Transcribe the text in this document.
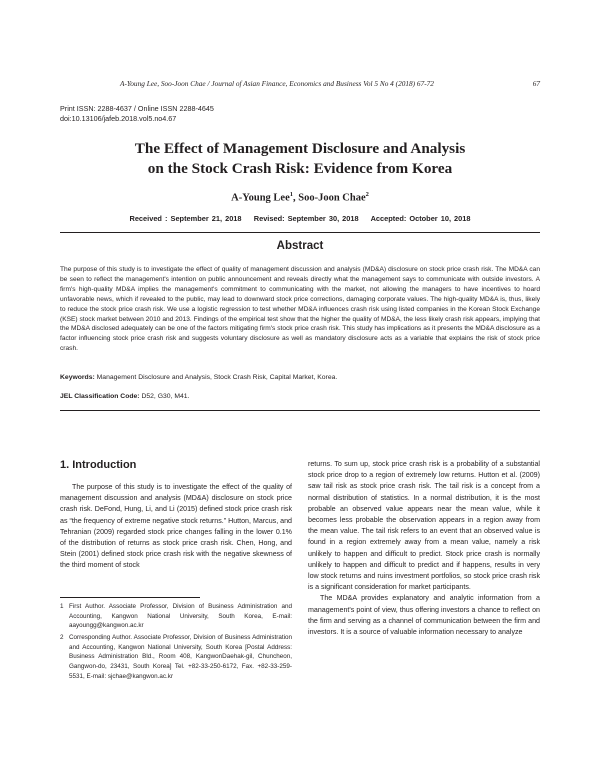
A-Young Lee, Soo-Joon Chae / Journal of Asian Finance, Economics and Business Vol 5 No 4 (2018) 67-72	67
Print ISSN: 2288-4637 / Online ISSN 2288-4645
doi:10.13106/jafeb.2018.vol5.no4.67
The Effect of Management Disclosure and Analysis
on the Stock Crash Risk: Evidence from Korea
A-Young Lee$^1$, Soo-Joon Chae$^2$
Received : September 21, 2018    Revised: September 30, 2018    Accepted: October 10, 2018
Abstract
The purpose of this study is to investigate the effect of quality of management discussion and analysis (MD&A) disclosure on stock price crash risk. The MD&A can be seen to reflect the management's intention on public announcement and reveals directly what the management says to communicate with outside investors. A firm's high-quality MD&A implies the management's commitment to communicating with the market, not allowing the managers to have incentives to hoard unfavorable news, which if revealed to the public, may lead to downward stock price corrections, damaging corporate values. The high-quality MD&A is, thus, likely to reduce the stock price crash risk. We use a logistic regression to test whether MD&A influences crash risk using listed companies in the Korean Stock Exchange (KSE) stock market between 2010 and 2013. Findings of the empirical test show that the higher the quality of MD&A, the less likely crash risk appears, implying that the MD&A disclosed adequately can be one of the factors mitigating firm's stock price crash risk. This study has implications as it presents the MD&A disclosure as a factor influencing stock price crash risk and suggests voluntary disclosure as well as mandatory disclosure acts as a variable that explains the risk of stock price crash.
Keywords: Management Disclosure and Analysis, Stock Crash Risk, Capital Market, Korea.
JEL Classification Code: D52, G30, M41.
1. Introduction

The purpose of this study is to investigate the effect of the quality of management discussion and analysis (MD&A) disclosure on stock price crash risk. DeFond, Hung, Li, and Li (2015) defined stock price crash risk as “the frequency of extreme negative stock returns.” Hutton, Marcus, and Tehranian (2009) regarded stock price changes falling in the lower 0.1% of the distribution of returns as stock price crash risk. Chen, Hong, and Stein (2001) defined stock price crash risk with the negative skewness of the third moment of stock

1 First Author. Associate Professor, Division of Business Administration and Accounting, Kangwon National University, South Korea, E-mail: aayoungg@kangwon.ac.kr
2 Corresponding Author. Associate Professor, Division of Business Administration and Accounting, Kangwon National University, South Korea [Postal Address: Business Administration Bld., Room 408, KangwonDaehak-gil, Chuncheon, Gangwon-do, 23431, South Korea] Tel. +82-33-250-6172, Fax. +82-33-259-5531, E-mail: sjchae@kangwon.ac.kr

returns. To sum up, stock price crash risk is a probability of a substantial stock price drop to a region of extremely low returns. Hutton et al. (2009) saw tail risk as stock price crash risk. The tail risk is a concept from a normal distribution of statistics. In a normal distribution, it is the most probable an observed value appears near the mean value, while it becomes less probable the observation appears in a region away from the mean value. The tail risk refers to an event that an observed value is found in a region extremely away from a mean value, namely a risk unlikely to happen and difficult to predict. Stock price crash is normally unlikely to happen and difficult to predict and if happens, results in very low stock returns and ruins investment portfolios, so stock price crash risk is a significant consideration for market participants.

The MD&A provides explanatory and analytic information from a management's point of view, thus offering investors a chance to reflect on the firm and serving as a channel of communication between the firm and investors. It is a source of valuable information necessary to analyze
